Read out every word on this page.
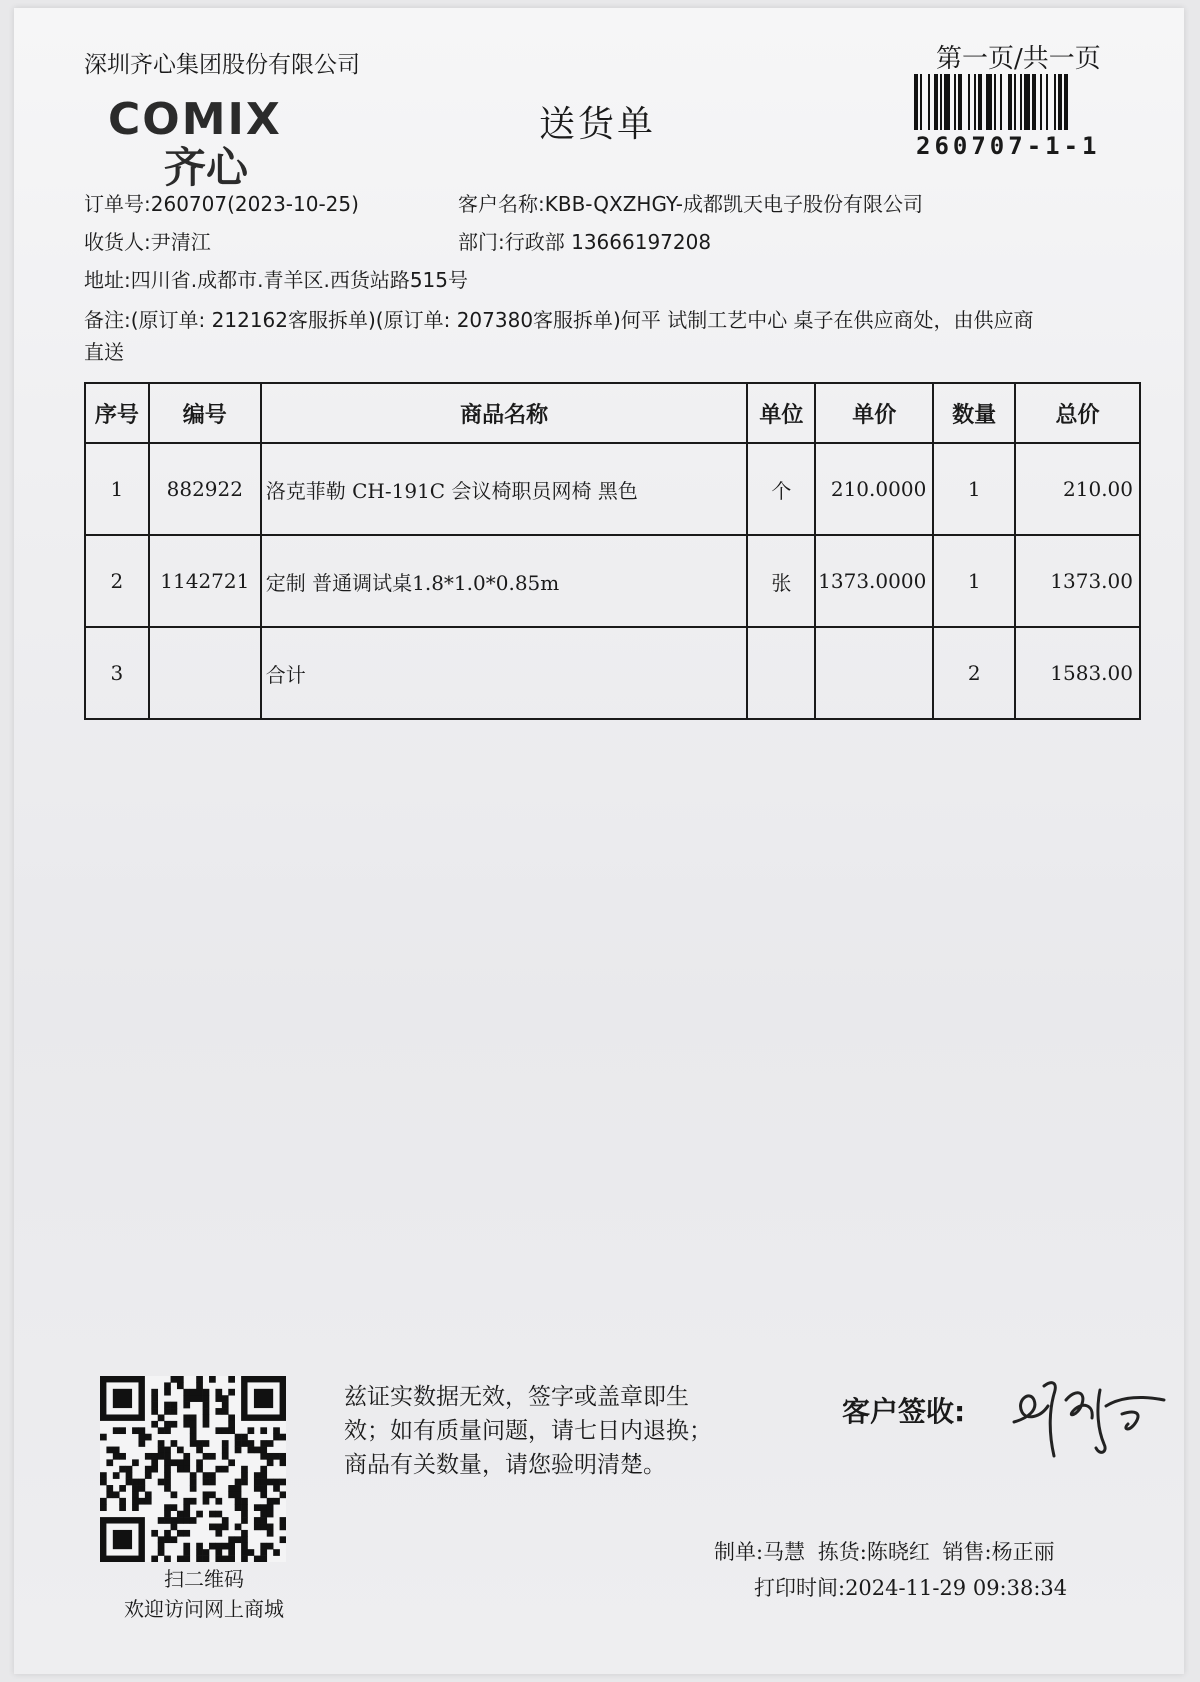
深圳齐心集团股份有限公司
COMIX
齐心
送货单
第一页/共一页
260707-1-1
订单号:260707(2023-10-25)	客户名称:KBB-QXZHGY-成都凯天电子股份有限公司
收货人:尹清江	部门:行政部 13666197208
地址:四川省.成都市.青羊区.西货站路515号
备注:(原订单: 212162客服拆单)(原订单: 207380客服拆单)何平 试制工艺中心 桌子在供应商处，由供应商
直送
序号	编号	商品名称	单位	单价	数量	总价
1	882922	洛克菲勒 CH-191C 会议椅职员网椅 黑色	个	210.0000	1	210.00
2	1142721	定制 普通调试桌1.8*1.0*0.85m	张	1373.0000	1	1373.00
3		合计			2	1583.00
扫二维码
欢迎访问网上商城
兹证实数据无效，签字或盖章即生
效；如有质量问题，请七日内退换；
商品有关数量，请您验明清楚。
客户签收:
制单:马慧 拣货:陈晓红 销售:杨正丽
打印时间:2024-11-29 09:38:34
